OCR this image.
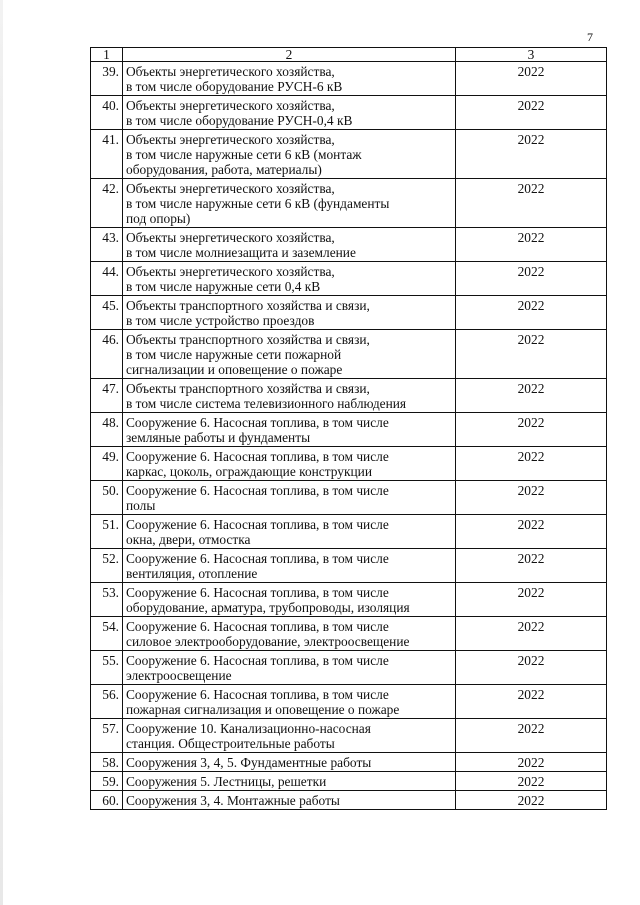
7
1	2	3
39.	Объекты энергетического хозяйства,
в том числе оборудование РУСН-6 кВ	2022
40.	Объекты энергетического хозяйства,
в том числе оборудование РУСН-0,4 кВ	2022
41.	Объекты энергетического хозяйства,
в том числе наружные сети 6 кВ (монтаж
оборудования, работа, материалы)	2022
42.	Объекты энергетического хозяйства,
в том числе наружные сети 6 кВ (фундаменты
под опоры)	2022
43.	Объекты энергетического хозяйства,
в том числе молниезащита и заземление	2022
44.	Объекты энергетического хозяйства,
в том числе наружные сети 0,4 кВ	2022
45.	Объекты транспортного хозяйства и связи,
в том числе устройство проездов	2022
46.	Объекты транспортного хозяйства и связи,
в том числе наружные сети пожарной
сигнализации и оповещение о пожаре	2022
47.	Объекты транспортного хозяйства и связи,
в том числе система телевизионного наблюдения	2022
48.	Сооружение 6. Насосная топлива, в том числе
земляные работы и фундаменты	2022
49.	Сооружение 6. Насосная топлива, в том числе
каркас, цоколь, ограждающие конструкции	2022
50.	Сооружение 6. Насосная топлива, в том числе
полы	2022
51.	Сооружение 6. Насосная топлива, в том числе
окна, двери, отмостка	2022
52.	Сооружение 6. Насосная топлива, в том числе
вентиляция, отопление	2022
53.	Сооружение 6. Насосная топлива, в том числе
оборудование, арматура, трубопроводы, изоляция	2022
54.	Сооружение 6. Насосная топлива, в том числе
силовое электрооборудование, электроосвещение	2022
55.	Сооружение 6. Насосная топлива, в том числе
электроосвещение	2022
56.	Сооружение 6. Насосная топлива, в том числе
пожарная сигнализация и оповещение о пожаре	2022
57.	Сооружение 10. Канализационно-насосная
станция. Общестроительные работы	2022
58.	Сооружения 3, 4, 5. Фундаментные работы	2022
59.	Сооружения 5. Лестницы, решетки	2022
60.	Сооружения 3, 4. Монтажные работы	2022
